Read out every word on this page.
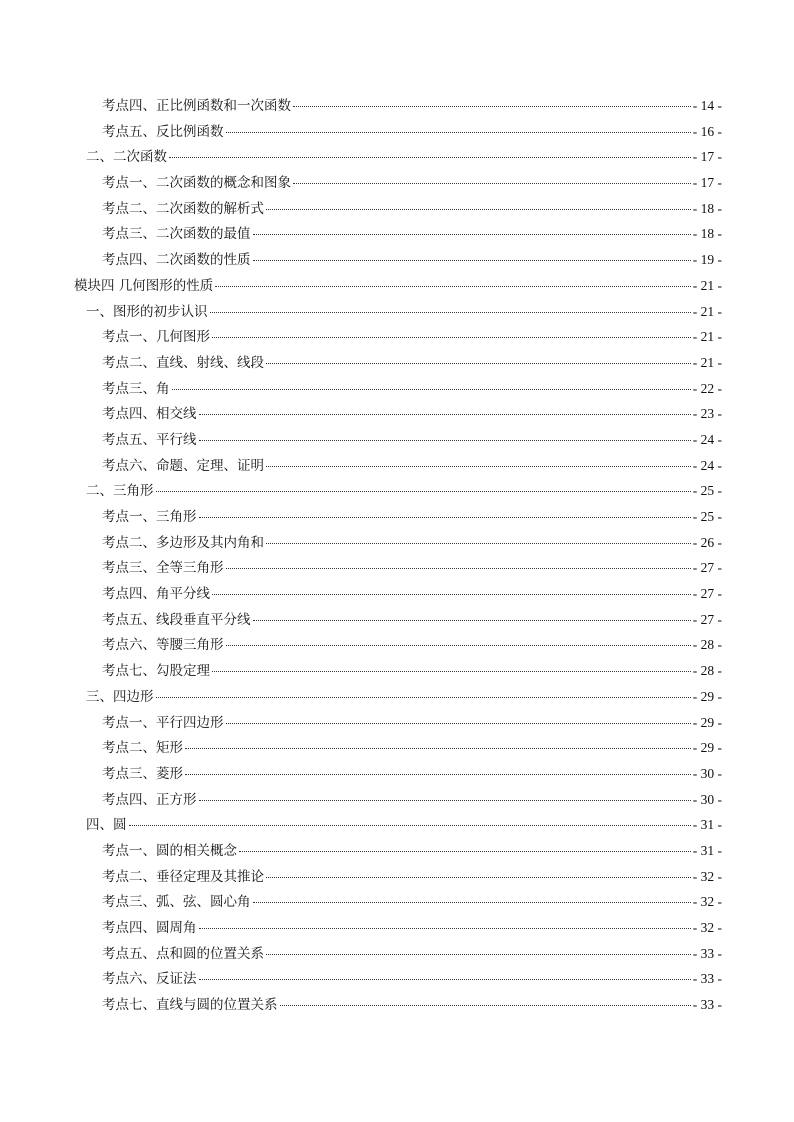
考点四、正比例函数和一次函数	- 14 -
考点五、反比例函数	- 16 -
二、二次函数	- 17 -
考点一、二次函数的概念和图象	- 17 -
考点二、二次函数的解析式	- 18 -
考点三、二次函数的最值	- 18 -
考点四、二次函数的性质	- 19 -
模块四 几何图形的性质	- 21 -
一、图形的初步认识	- 21 -
考点一、几何图形	- 21 -
考点二、直线、射线、线段	- 21 -
考点三、角	- 22 -
考点四、相交线	- 23 -
考点五、平行线	- 24 -
考点六、命题、定理、证明	- 24 -
二、三角形	- 25 -
考点一、三角形	- 25 -
考点二、多边形及其内角和	- 26 -
考点三、全等三角形	- 27 -
考点四、角平分线	- 27 -
考点五、线段垂直平分线	- 27 -
考点六、等腰三角形	- 28 -
考点七、勾股定理	- 28 -
三、四边形	- 29 -
考点一、平行四边形	- 29 -
考点二、矩形	- 29 -
考点三、菱形	- 30 -
考点四、正方形	- 30 -
四、圆	- 31 -
考点一、圆的相关概念	- 31 -
考点二、垂径定理及其推论	- 32 -
考点三、弧、弦、圆心角	- 32 -
考点四、圆周角	- 32 -
考点五、点和圆的位置关系	- 33 -
考点六、反证法	- 33 -
考点七、直线与圆的位置关系	- 33 -
